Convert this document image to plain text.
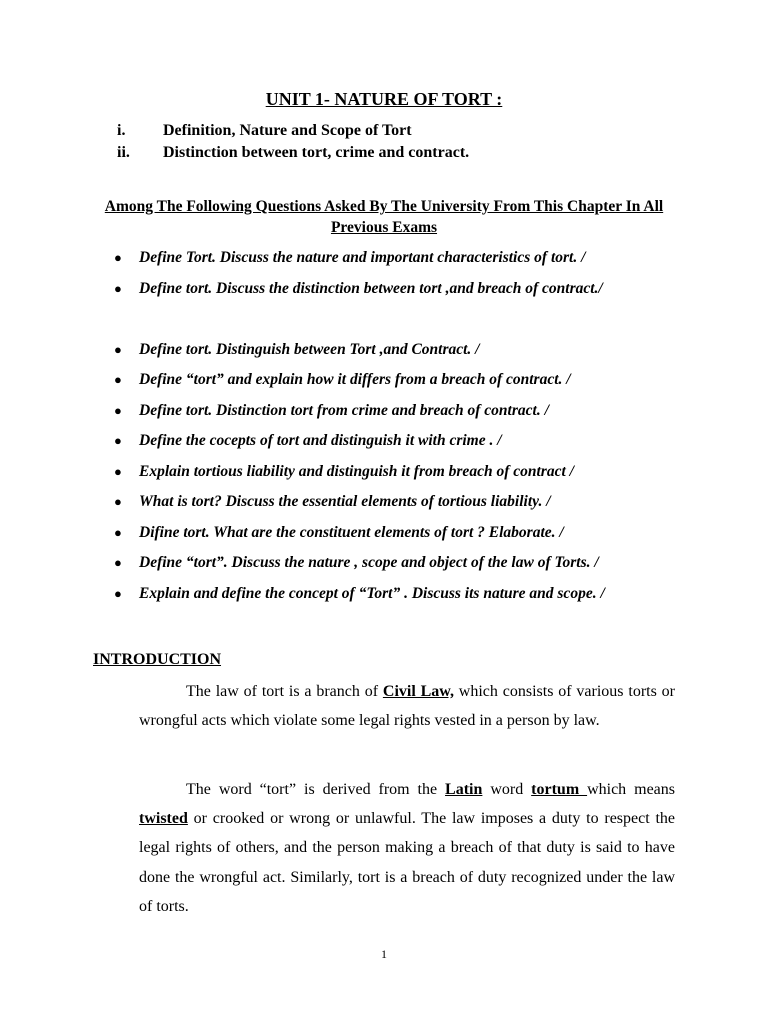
UNIT 1- NATURE OF TORT :
i. Definition, Nature and Scope of Tort
ii. Distinction between tort, crime and contract.
Among The Following Questions Asked By The University From This Chapter In All Previous Exams
● Define Tort. Discuss the nature and important characteristics of tort. /
● Define tort. Discuss the distinction between tort ,and breach of contract./
● Define tort. Distinguish between Tort ,and Contract. /
● Define “tort” and explain how it differs from a breach of contract. /
● Define tort. Distinction tort from crime and breach of contract. /
● Define the cocepts of tort and distinguish it with crime . /
● Explain tortious liability and distinguish it from breach of contract /
● What is tort? Discuss the essential elements of tortious liability. /
● Difine tort. What are the constituent elements of tort ? Elaborate. /
● Define “tort”. Discuss the nature , scope and object of the law of Torts. /
● Explain and define the concept of “Tort” . Discuss its nature and scope. /
INTRODUCTION
The law of tort is a branch of Civil Law, which consists of various torts or wrongful acts which violate some legal rights vested in a person by law.
The word “tort” is derived from the Latin word tortum which means twisted or crooked or wrong or unlawful. The law imposes a duty to respect the legal rights of others, and the person making a breach of that duty is said to have done the wrongful act. Similarly, tort is a breach of duty recognized under the law of torts.
1
